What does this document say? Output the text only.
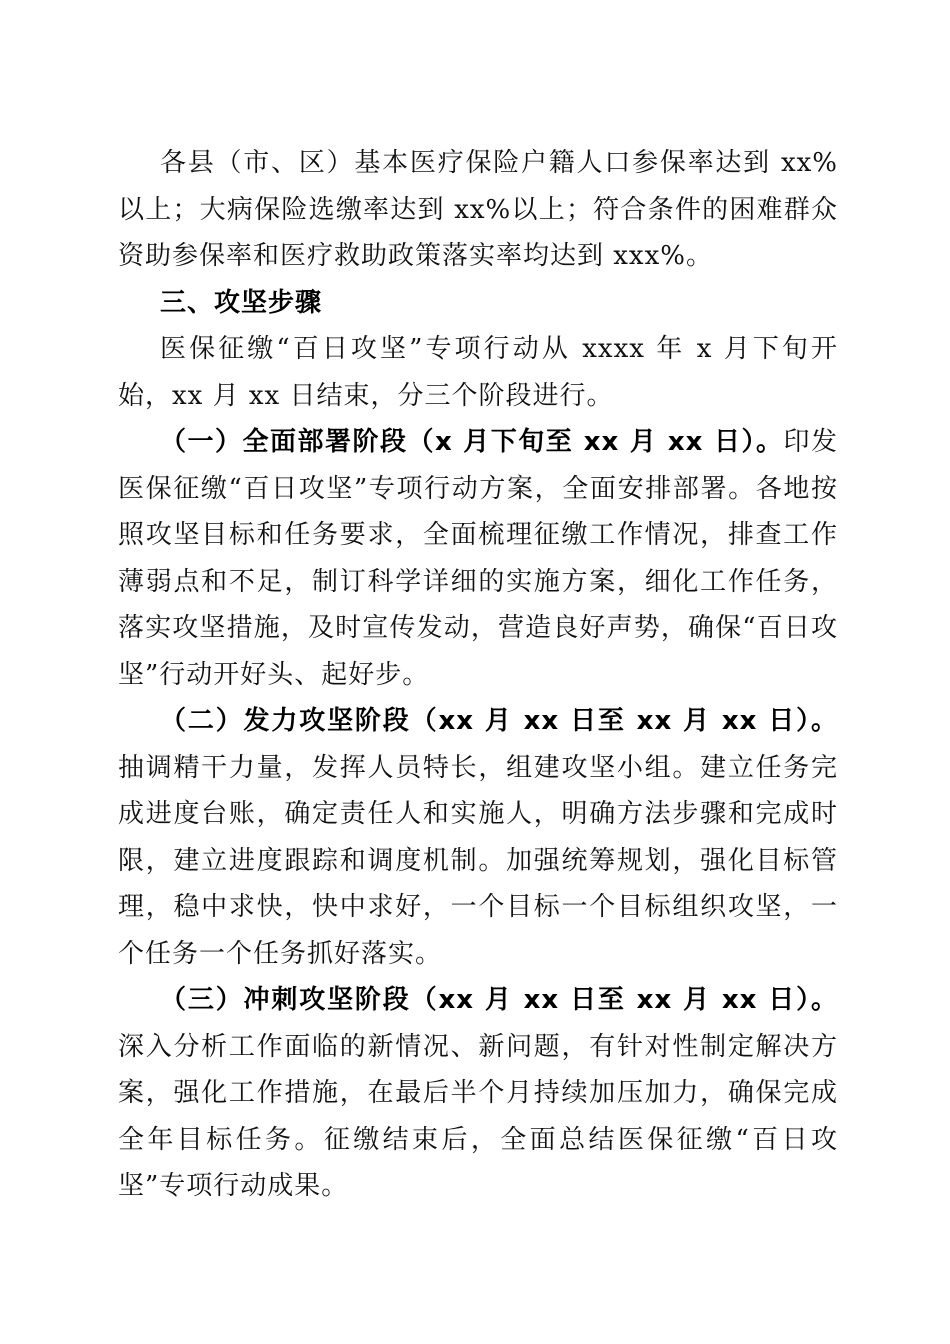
各县（市、区）基本医疗保险户籍人口参保率达到 xx%以上；大病保险选缴率达到 xx%以上；符合条件的困难群众资助参保率和医疗救助政策落实率均达到 xxx%。

三、攻坚步骤

医保征缴“百日攻坚”专项行动从 xxxx 年 x 月下旬开始，xx 月 xx 日结束，分三个阶段进行。

（一）全面部署阶段（x 月下旬至 xx 月 xx 日）。印发医保征缴“百日攻坚”专项行动方案，全面安排部署。各地按照攻坚目标和任务要求，全面梳理征缴工作情况，排查工作薄弱点和不足，制订科学详细的实施方案，细化工作任务，落实攻坚措施，及时宣传发动，营造良好声势，确保“百日攻坚”行动开好头、起好步。

（二）发力攻坚阶段（xx 月 xx 日至 xx 月 xx 日）。抽调精干力量，发挥人员特长，组建攻坚小组。建立任务完成进度台账，确定责任人和实施人，明确方法步骤和完成时限，建立进度跟踪和调度机制。加强统筹规划，强化目标管理，稳中求快，快中求好，一个目标一个目标组织攻坚，一个任务一个任务抓好落实。

（三）冲刺攻坚阶段（xx 月 xx 日至 xx 月 xx 日）。深入分析工作面临的新情况、新问题，有针对性制定解决方案，强化工作措施，在最后半个月持续加压加力，确保完成全年目标任务。征缴结束后，全面总结医保征缴“百日攻坚”专项行动成果。
